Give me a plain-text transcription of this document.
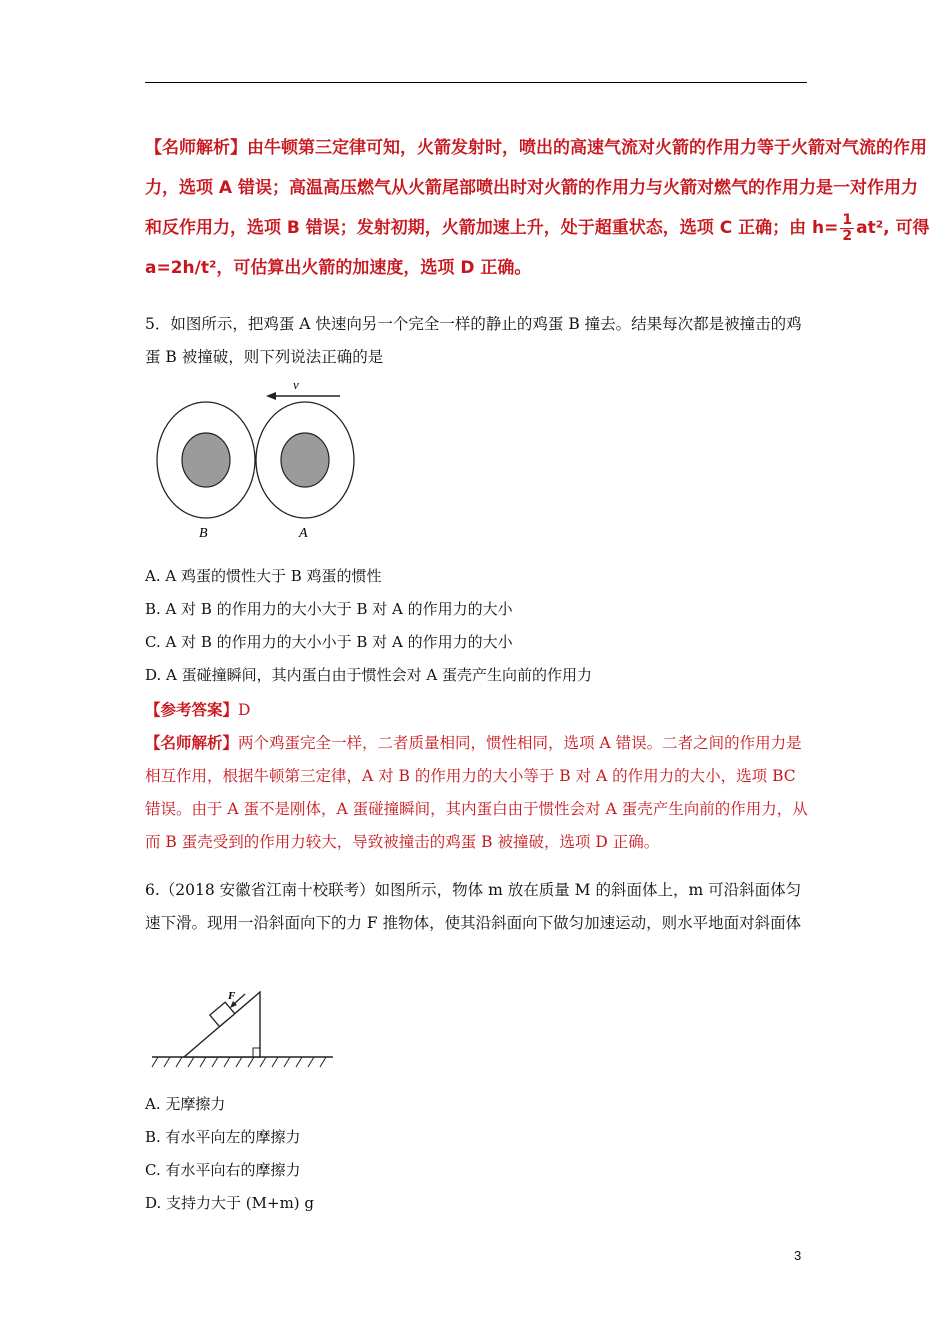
【名师解析】由牛顿第三定律可知，火箭发射时，喷出的高速气流对火箭的作用力等于火箭对气流的作用力，选项 A 错误；高温高压燃气从火箭尾部喷出时对火箭的作用力与火箭对燃气的作用力是一对作用力和反作用力，选项 B 错误；发射初期，火箭加速上升，处于超重状态，选项 C 正确；由 $h= \frac{1}{2} at^2$, 可得 a=2h/t²，可估算出火箭的加速度，选项 D 正确。
5．如图所示，把鸡蛋 A 快速向另一个完全一样的静止的鸡蛋 B 撞去。结果每次都是被撞击的鸡蛋 B 被撞破，则下列说法正确的是
v
B	A
A. A 鸡蛋的惯性大于 B 鸡蛋的惯性
B. A 对 B 的作用力的大小大于 B 对 A 的作用力的大小
C. A 对 B 的作用力的大小小于 B 对 A 的作用力的大小
D. A 蛋碰撞瞬间，其内蛋白由于惯性会对 A 蛋壳产生向前的作用力
【参考答案】D
【名师解析】两个鸡蛋完全一样，二者质量相同，惯性相同，选项 A 错误。二者之间的作用力是相互作用，根据牛顿第三定律，A 对 B 的作用力的大小等于 B 对 A 的作用力的大小，选项 BC 错误。由于 A 蛋不是刚体，A 蛋碰撞瞬间，其内蛋白由于惯性会对 A 蛋壳产生向前的作用力，从而 B 蛋壳受到的作用力较大，导致被撞击的鸡蛋 B 被撞破，选项 D 正确。
6.（2018 安徽省江南十校联考）如图所示，物体 m 放在质量 M 的斜面体上，m 可沿斜面体匀速下滑。现用一沿斜面向下的力 F 推物体，使其沿斜面向下做匀加速运动，则水平地面对斜面体
F
A. 无摩擦力
B. 有水平向左的摩擦力
C. 有水平向右的摩擦力
D. 支持力大于 (M+m) g
3
